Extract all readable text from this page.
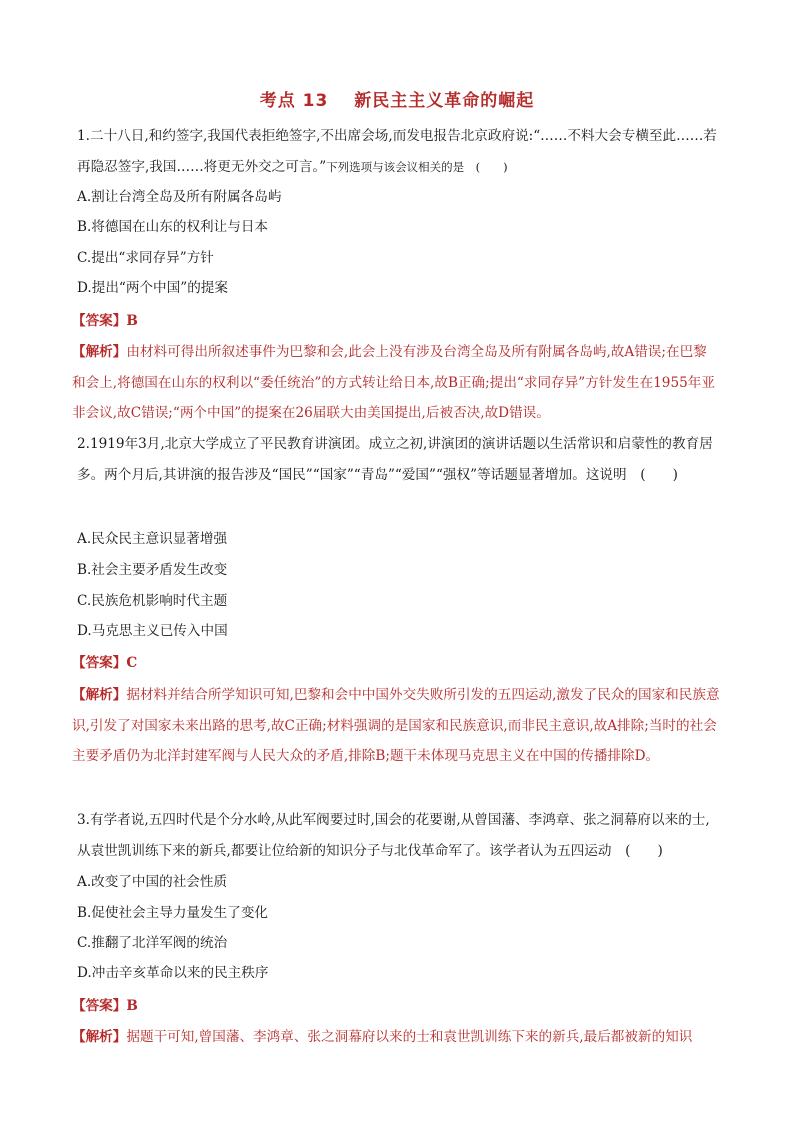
考点 13 新民主主义革命的崛起
1.二十八日,和约签字,我国代表拒绝签字,不出席会场,而发电报告北京政府说:“……不料大会专横至此……若再隐忍签字,我国……将更无外交之可言。”下列选项与该会议相关的是　(　　)
A.割让台湾全岛及所有附属各岛屿
B.将德国在山东的权利让与日本
C.提出“求同存异”方针
D.提出“两个中国”的提案
【答案】B
【解析】由材料可得出所叙述事件为巴黎和会,此会上没有涉及台湾全岛及所有附属各岛屿,故A错误;在巴黎和会上,将德国在山东的权利以“委任统治”的方式转让给日本,故B正确;提出“求同存异”方针发生在1955年亚非会议,故C错误;“两个中国”的提案在26届联大由美国提出,后被否决,故D错误。
2.1919年3月,北京大学成立了平民教育讲演团。成立之初,讲演团的演讲话题以生活常识和启蒙性的教育居多。两个月后,其讲演的报告涉及“国民”“国家”“青岛”“爱国”“强权”等话题显著增加。这说明　(　　)
A.民众民主意识显著增强
B.社会主要矛盾发生改变
C.民族危机影响时代主题
D.马克思主义已传入中国
【答案】C
【解析】据材料并结合所学知识可知,巴黎和会中中国外交失败所引发的五四运动,激发了民众的国家和民族意识,引发了对国家未来出路的思考,故C正确;材料强调的是国家和民族意识,而非民主意识,故A排除;当时的社会主要矛盾仍为北洋封建军阀与人民大众的矛盾,排除B;题干未体现马克思主义在中国的传播排除D。
3.有学者说,五四时代是个分水岭,从此军阀要过时,国会的花要谢,从曾国藩、李鸿章、张之洞幕府以来的士,从袁世凯训练下来的新兵,都要让位给新的知识分子与北伐革命军了。该学者认为五四运动　(　　)
A.改变了中国的社会性质
B.促使社会主导力量发生了变化
C.推翻了北洋军阀的统治
D.冲击辛亥革命以来的民主秩序
【答案】B
【解析】据题干可知,曾国藩、李鸿章、张之洞幕府以来的士和袁世凯训练下来的新兵,最后都被新的知识
